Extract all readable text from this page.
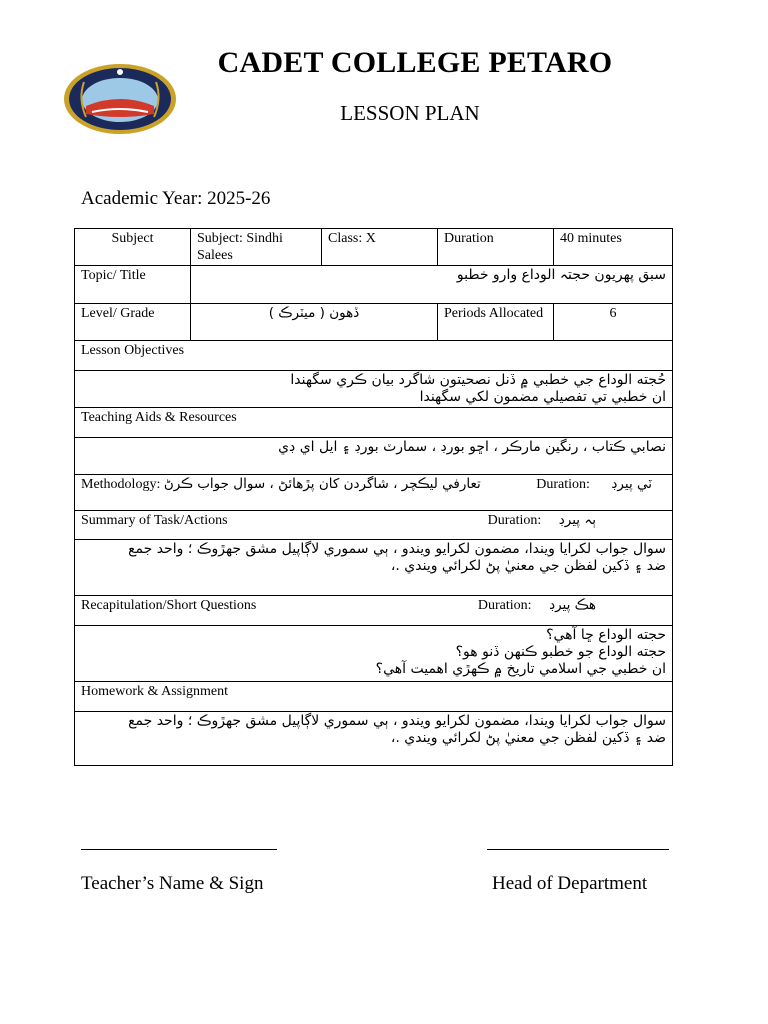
CADET COLLEGE PETARO
LESSON PLAN
Academic Year: 2025-26
Subject	Subject: Sindhi Salees	Class: X	Duration	40 minutes
Topic/ Title	سبق پهريون حجتہ الوداع وارو خطبو			
Level/ Grade	ڏهون ( ميٽرڪ )		Periods Allocated	6
Lesson Objectives				

حُجته الوداع جي خطبي ۾ ڏنل نصحيتون شاگرد بيان ڪري سگهندا
ان خطبي تي تفصيلي مضمون لکي سگهندا				

Teaching Aids & Resources				
نصابي ڪتاب ، رنگين مارڪر ، اڇو بورڊ ، سمارٽ بورڊ ۽ ايل اي ڊي				

Methodology: تعارفي ليڪچر ، شاگردن کان پڙهائڻ ، سوال جواب ڪرڻ Duration: ٽي پيرڊ				

Summary of Task/Actions Duration: ٻہ پيرڊ				

سوال جواب لکرايا ويندا، مضمون لکرايو ويندو ، ٻي سموري لاڳاپيل مشق جهڙوڪ ؛ واحد جمع
ضد ۽ ڏکين لفظن جي معنيٰ پڻ لکرائي ويندي .،				

Recapitulation/Short Questions Duration: هڪ پيرڊ				

حجته الوداع ڇا آهي؟
حجته الوداع جو خطبو ڪنهن ڏنو هو؟
ان خطبي جي اسلامي تاريخ ۾ ڪهڙي اهميت آهي؟				

Homework & Assignment				

سوال جواب لکرايا ويندا، مضمون لکرايو ويندو ، ٻي سموري لاڳاپيل مشق جهڙوڪ ؛ واحد جمع
ضد ۽ ڏکين لفظن جي معنيٰ پڻ لکرائي ويندي .،				
Teacher’s Name & Sign	Head of Department
